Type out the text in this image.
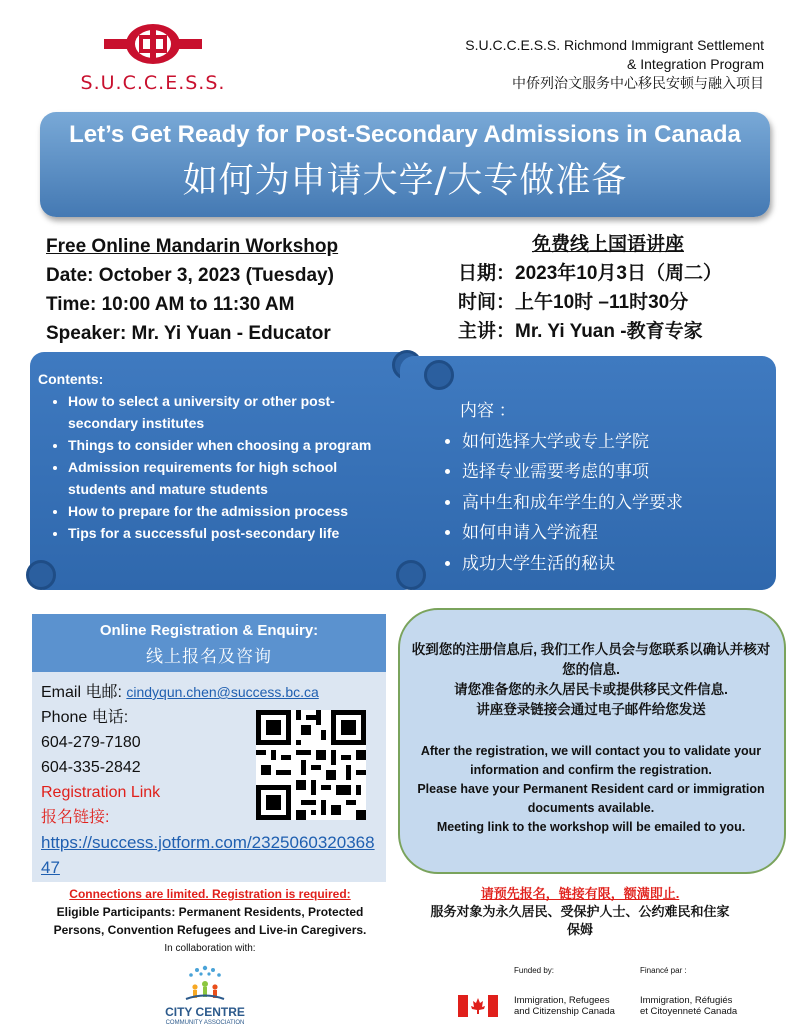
S.U.C.C.E.S.S.
S.U.C.C.E.S.S. Richmond Immigrant Settlement
& Integration Program
中侨列治文服务中心移民安顿与融入项目
Let’s Get Ready for Post-Secondary Admissions in Canada
如何为申请大学/大专做准备
Free Online Mandarin Workshop
Date: October 3, 2023 (Tuesday)
Time: 10:00 AM to 11:30 AM
Speaker: Mr. Yi Yuan - Educator
免费线上国语讲座
日期：2023年10月3日（周二）
时间：上午10时 –11时30分
主讲：Mr. Yi Yuan -教育专家
Contents:
• How to select a university or other post-secondary institutes
• Things to consider when choosing a program
• Admission requirements for high school students and mature students
• How to prepare for the admission process
• Tips for a successful post-secondary life
内容 ：
• 如何选择大学或专上学院
• 选择专业需要考虑的事项
• 高中生和成年学生的入学要求
• 如何申请入学流程
• 成功大学生活的秘诀
Online Registration & Enquiry:
线上报名及咨询
Email 电邮: cindyqun.chen@success.bc.ca
Phone 电话:
604-279-7180
604-335-2842
Registration Link
报名链接:
https://success.jotform.com/232506032036847
收到您的注册信息后, 我们工作人员会与您联系以确认并核对您的信息.
请您准备您的永久居民卡或提供移民文件信息.
讲座登录链接会通过电子邮件给您发送
After the registration, we will contact you to validate your information and confirm the registration.
Please have your Permanent Resident card or immigration documents available.
Meeting link to the workshop will be emailed to you.
Connections are limited. Registration is required:
Eligible Participants: Permanent Residents, Protected Persons, Convention Refugees and Live-in Caregivers.
请预先报名，链接有限，额满即止.
服务对象为永久居民、受保护人士、公约难民和住家保姆
In collaboration with:
CITY CENTRE
COMMUNITY ASSOCIATION
Funded by:	Financé par :
Immigration, Refugees
and Citizenship Canada
Immigration, Réfugiés
et Citoyenneté Canada
